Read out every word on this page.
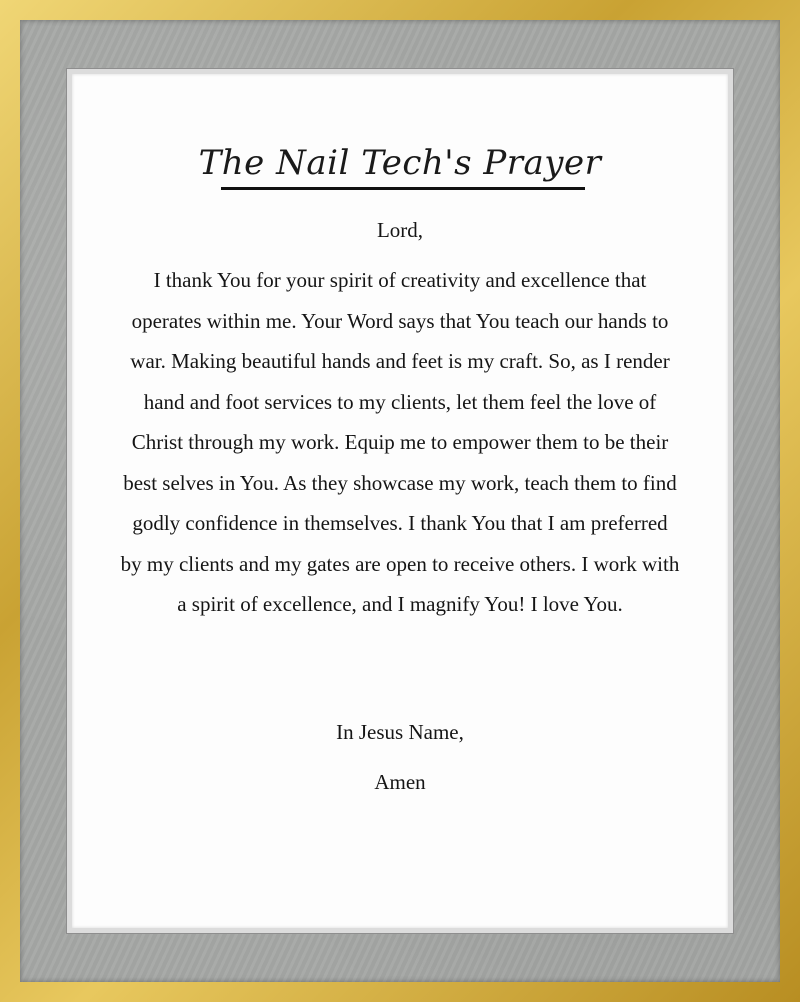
The Nail Tech's Prayer
Lord,
I thank You for your spirit of creativity and excellence that operates within me. Your Word says that You teach our hands to war. Making beautiful hands and feet is my craft. So, as I render hand and foot services to my clients, let them feel the love of Christ through my work. Equip me to empower them to be their best selves in You. As they showcase my work, teach them to find godly confidence in themselves. I thank You that I am preferred by my clients and my gates are open to receive others. I work with a spirit of excellence, and I magnify You! I love You.
In Jesus Name,
Amen
